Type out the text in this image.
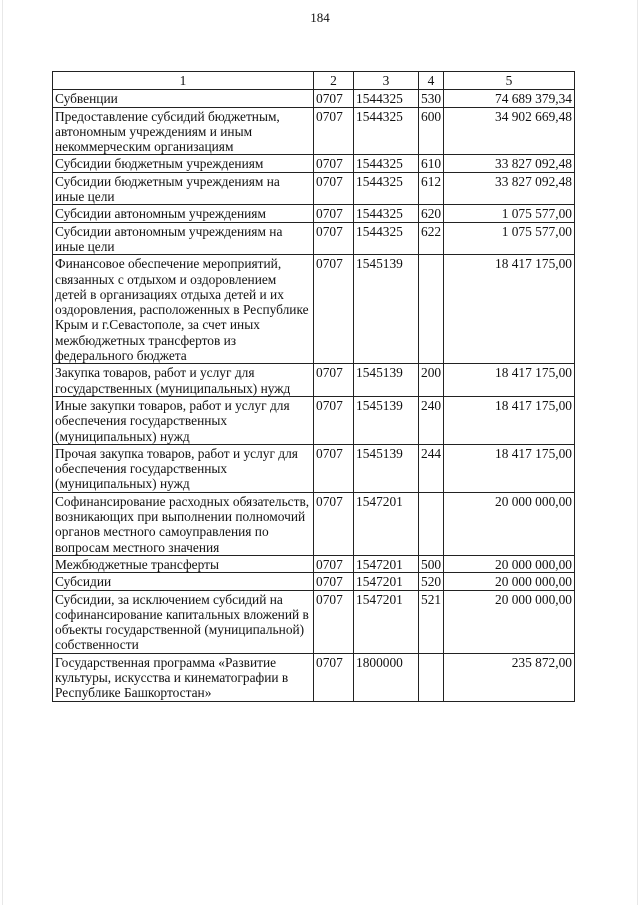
184
1	2	3	4	5
Субвенции	0707	1544325	530	74 689 379,34
Предоставление субсидий бюджетным, автономным учреждениям и иным некоммерческим организациям	0707	1544325	600	34 902 669,48
Субсидии бюджетным учреждениям	0707	1544325	610	33 827 092,48
Субсидии бюджетным учреждениям на иные цели	0707	1544325	612	33 827 092,48
Субсидии автономным учреждениям	0707	1544325	620	1 075 577,00
Субсидии автономным учреждениям на иные цели	0707	1544325	622	1 075 577,00
Финансовое обеспечение мероприятий, связанных с отдыхом и оздоровлением детей в организациях отдыха детей и их оздоровления, расположенных в Республике Крым и г.Севастополе, за счет иных межбюджетных трансфертов из федерального бюджета	0707	1545139		18 417 175,00
Закупка товаров, работ и услуг для государственных (муниципальных) нужд	0707	1545139	200	18 417 175,00
Иные закупки товаров, работ и услуг для обеспечения государственных (муниципальных) нужд	0707	1545139	240	18 417 175,00
Прочая закупка товаров, работ и услуг для обеспечения государственных (муниципальных) нужд	0707	1545139	244	18 417 175,00
Софинансирование расходных обязательств, возникающих при выполнении полномочий органов местного самоуправления по вопросам местного значения	0707	1547201		20 000 000,00
Межбюджетные трансферты	0707	1547201	500	20 000 000,00
Субсидии	0707	1547201	520	20 000 000,00
Субсидии, за исключением субсидий на софинансирование капитальных вложений в объекты государственной (муниципальной) собственности	0707	1547201	521	20 000 000,00
Государственная программа «Развитие культуры, искусства и кинематографии в Республике Башкортостан»	0707	1800000		235 872,00
